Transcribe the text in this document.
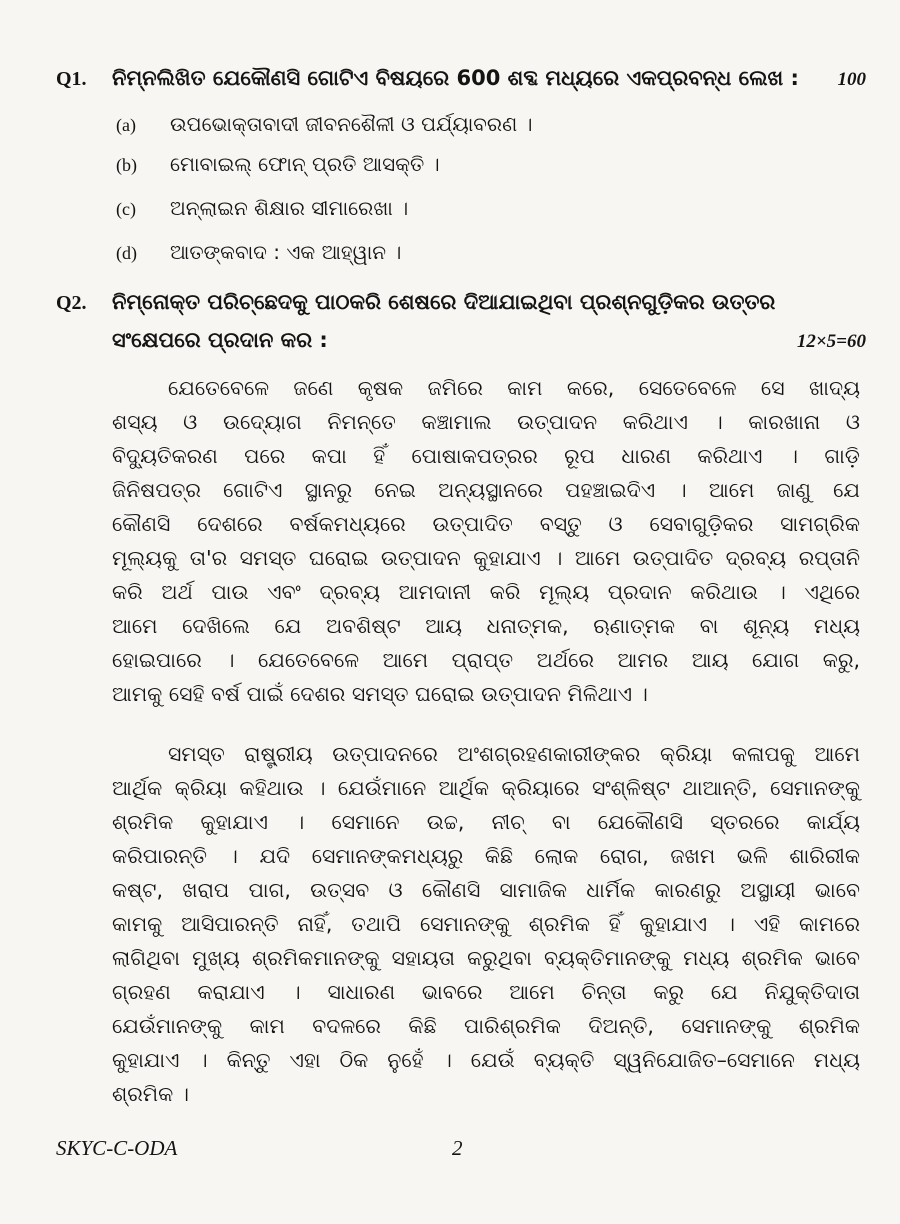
Q1.	ନିମ୍ନଲିଖିତ ଯେକୌଣସି ଗୋଟିଏ ବିଷୟରେ 600 ଶବ୍ଦ ମଧ୍ୟରେ ଏକପ୍ରବନ୍ଧ ଲେଖ :	100
(a)	ଉପଭୋକ୍ତାବାଦୀ ଜୀବନଶୈଳୀ ଓ ପର୍ଯ୍ୟାବରଣ ।
(b)	ମୋବାଇଲ୍ ଫୋନ୍ ପ୍ରତି ଆସକ୍ତି ।
(c)	ଅନ୍‌ଲାଇନ ଶିକ୍ଷାର ସୀମାରେଖା ।
(d)	ଆତଙ୍କବାଦ : ଏକ ଆହ୍ୱାନ ।
Q2.	ନିମ୍ନୋକ୍ତ ପରିଚ୍ଛେଦକୁ ପାଠକରି ଶେଷରେ ଦିଆଯାଇଥିବା ପ୍ରଶ୍ନଗୁଡ଼ିକର ଉତ୍ତର
ସଂକ୍ଷେପରେ ପ୍ରଦାନ କର :	12×5=60
ଯେତେବେଳେ ଜଣେ କୃଷକ ଜମିରେ କାମ କରେ, ସେତେବେଳେ ସେ ଖାଦ୍ୟ
ଶସ୍ୟ ଓ ଉଦ୍ୟୋଗ ନିମନ୍ତେ କଞ୍ଚାମାଲ ଉତ୍ପାଦନ କରିଥାଏ । କାରଖାନା ଓ
ବିଦ୍ୟୁତିକରଣ ପରେ କପା ହିଁ ପୋଷାକପତ୍ରର ରୂପ ଧାରଣ କରିଥାଏ । ଗାଡ଼ି
ଜିନିଷପତ୍ର ଗୋଟିଏ ସ୍ଥାନରୁ ନେଇ ଅନ୍ୟସ୍ଥାନରେ ପହଞ୍ଚାଇଦିଏ । ଆମେ ଜାଣୁ ଯେ
କୌଣସି ଦେଶରେ ବର୍ଷକମଧ୍ୟରେ ଉତ୍ପାଦିତ ବସ୍ତୁ ଓ ସେବାଗୁଡ଼ିକର ସାମଗ୍ରିକ
ମୂଲ୍ୟକୁ ତା'ର ସମସ୍ତ ଘରୋଇ ଉତ୍ପାଦନ କୁହାଯାଏ । ଆମେ ଉତ୍ପାଦିତ ଦ୍ରବ୍ୟ ରପ୍ତାନି
କରି ଅର୍ଥ ପାଉ ଏବଂ ଦ୍ରବ୍ୟ ଆମଦାନୀ କରି ମୂଲ୍ୟ ପ୍ରଦାନ କରିଥାଉ । ଏଥିରେ
ଆମେ ଦେଖିଲେ ଯେ ଅବଶିଷ୍ଟ ଆୟ ଧନାତ୍ମକ, ଋଣାତ୍ମକ ବା ଶୂନ୍ୟ ମଧ୍ୟ
ହୋଇପାରେ । ଯେତେବେଳେ ଆମେ ପ୍ରାପ୍ତ ଅର୍ଥରେ ଆମର ଆୟ ଯୋଗ କରୁ,
ଆମକୁ ସେହି ବର୍ଷ ପାଇଁ ଦେଶର ସମସ୍ତ ଘରୋଇ ଉତ୍ପାଦନ ମିଳିଥାଏ ।
ସମସ୍ତ ରାଷ୍ଟ୍ରୀୟ ଉତ୍ପାଦନରେ ଅଂଶଗ୍ରହଣକାରୀଙ୍କର କ୍ରିୟା କଳାପକୁ ଆମେ
ଆର୍ଥିକ କ୍ରିୟା କହିଥାଉ । ଯେଉଁମାନେ ଆର୍ଥିକ କ୍ରିୟାରେ ସଂଶ୍ଳିଷ୍ଟ ଥାଆନ୍ତି, ସେମାନଙ୍କୁ
ଶ୍ରମିକ କୁହାଯାଏ । ସେମାନେ ଉଚ୍ଚ, ନୀଚ୍ ବା ଯେକୌଣସି ସ୍ତରରେ କାର୍ଯ୍ୟ
କରିପାରନ୍ତି । ଯଦି ସେମାନଙ୍କମଧ୍ୟରୁ କିଛି ଲୋକ ରୋଗ, ଜଖମ ଭଳି ଶାରିରୀକ
କଷ୍ଟ, ଖରାପ ପାଗ, ଉତ୍ସବ ଓ କୌଣସି ସାମାଜିକ ଧାର୍ମିକ କାରଣରୁ ଅସ୍ଥାୟୀ ଭାବେ
କାମକୁ ଆସିପାରନ୍ତି ନାହିଁ, ତଥାପି ସେମାନଙ୍କୁ ଶ୍ରମିକ ହିଁ କୁହାଯାଏ । ଏହି କାମରେ
ଲାଗିଥିବା ମୁଖ୍ୟ ଶ୍ରମିକମାନଙ୍କୁ ସହାୟତା କରୁଥିବା ବ୍ୟକ୍ତିମାନଙ୍କୁ ମଧ୍ୟ ଶ୍ରମିକ ଭାବେ
ଗ୍ରହଣ କରାଯାଏ । ସାଧାରଣ ଭାବରେ ଆମେ ଚିନ୍ତା କରୁ ଯେ ନିଯୁକ୍ତିଦାତା
ଯେଉଁମାନଙ୍କୁ କାମ ବଦଳରେ କିଛି ପାରିଶ୍ରମିକ ଦିଅନ୍ତି, ସେମାନଙ୍କୁ ଶ୍ରମିକ
କୁହାଯାଏ । କିନ୍ତୁ ଏହା ଠିକ ନୁହେଁ । ଯେଉଁ ବ୍ୟକ୍ତି ସ୍ୱନିଯୋଜିତ–ସେମାନେ ମଧ୍ୟ
ଶ୍ରମିକ ।
SKYC-C-ODA	2
